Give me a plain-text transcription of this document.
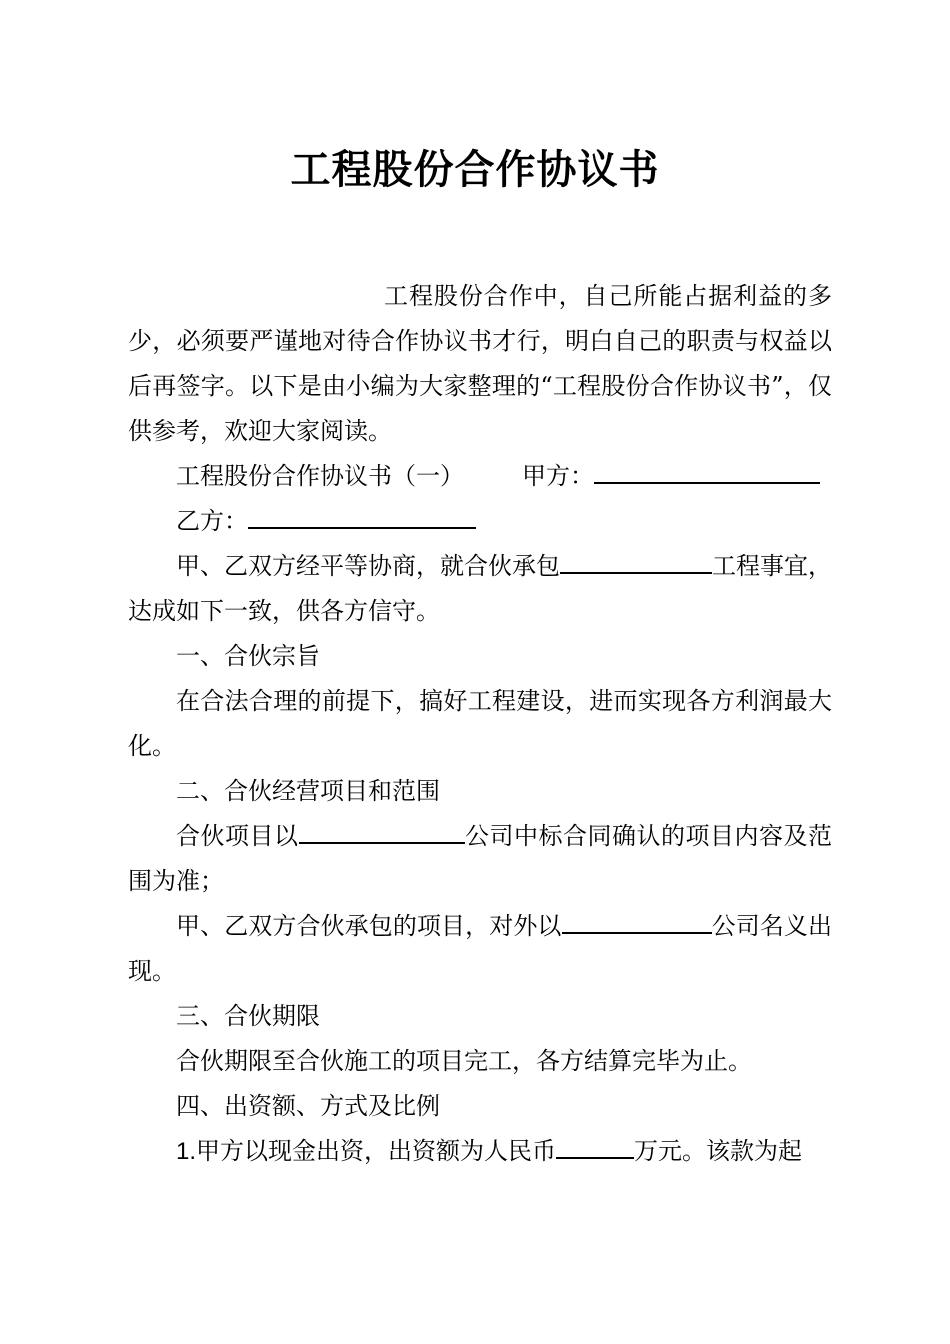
工程股份合作协议书

工程股份合作中，自己所能占据利益的多少，必须要严谨地对待合作协议书才行，明白自己的职责与权益以后再签字。以下是由小编为大家整理的“工程股份合作协议书”，仅供参考，欢迎大家阅读。

工程股份合作协议书（一） 甲方：

乙方：

甲、乙双方经平等协商，就合伙承包	工程事宜，达成如下一致，供各方信守。

一、合伙宗旨

在合法合理的前提下，搞好工程建设，进而实现各方利润最大化。

二、合伙经营项目和范围

合伙项目以	公司中标合同确认的项目内容及范围为准；

甲、乙双方合伙承包的项目，对外以	公司名义出现。

三、合伙期限

合伙期限至合伙施工的项目完工，各方结算完毕为止。

四、出资额、方式及比例

1.甲方以现金出资，出资额为人民币	万元。该款为起
